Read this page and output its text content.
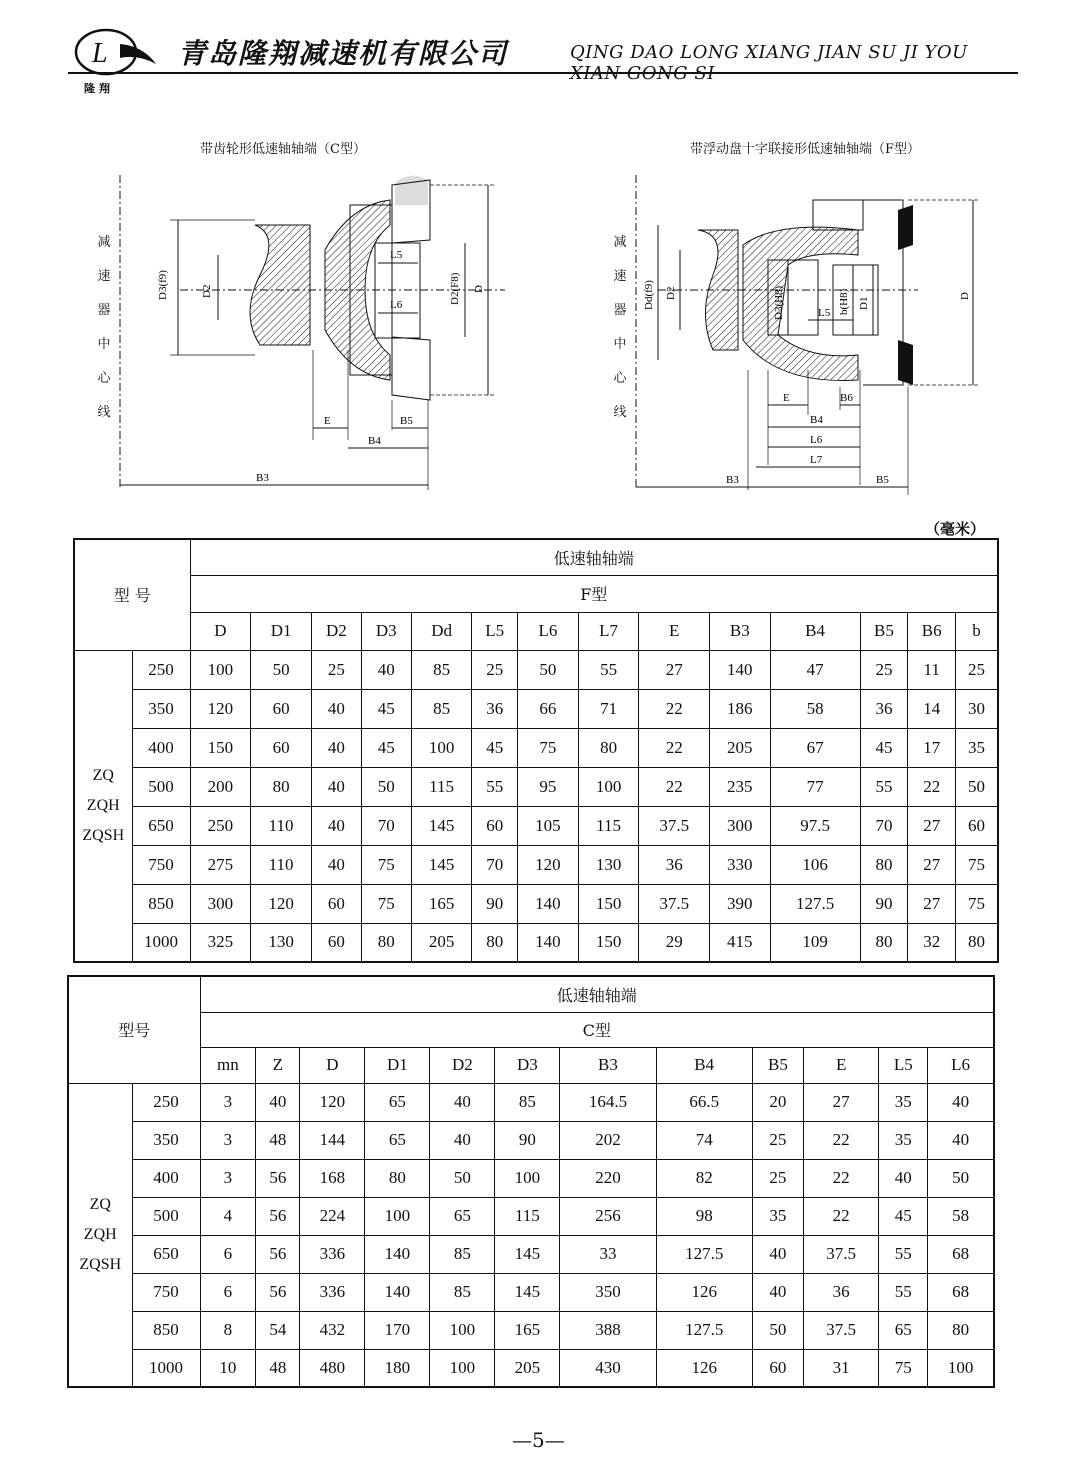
L
隆翔
青岛隆翔减速机有限公司	QING DAO LONG XIANG JIAN SU JI YOU XIAN GONG SI
带齿轮形低速轴轴端（C型）
减
速
器
中
心
线
D3(f9)	D2
L5
L6	D2(F8) D
E	B5
B4
B3
带浮动盘十字联接形低速轴轴端（F型）
减
速
器
中
心
线
Dd(f9) D2	D3(H8)	b(H8) D1
L5
D
E	B6
B4
L6
L7
B3	B5
（毫米）
型 号		低速轴轴端													
		F型													
		D	D1	D2	D3	Dd	L5	L6	L7	E	B3	B4	B5	B6	b

ZQ
ZQH
ZQSH	250	100	50	25	40	85	25	50	55	27	140	47	25	11	25
	350	120	60	40	45	85	36	66	71	22	186	58	36	14	30
	400	150	60	40	45	100	45	75	80	22	205	67	45	17	35
	500	200	80	40	50	115	55	95	100	22	235	77	55	22	50
	650	250	110	40	70	145	60	105	115	37.5	300	97.5	70	27	60
	750	275	110	40	75	145	70	120	130	36	330	106	80	27	75
	850	300	120	60	75	165	90	140	150	37.5	390	127.5	90	27	75
	1000	325	130	60	80	205	80	140	150	29	415	109	80	32	80
型号		低速轴轴端											
		C型											
		mn	Z	D	D1	D2	D3	B3	B4	B5	E	L5	L6

ZQ
ZQH
ZQSH	250	3	40	120	65	40	85	164.5	66.5	20	27	35	40
	350	3	48	144	65	40	90	202	74	25	22	35	40
	400	3	56	168	80	50	100	220	82	25	22	40	50
	500	4	56	224	100	65	115	256	98	35	22	45	58
	650	6	56	336	140	85	145	33	127.5	40	37.5	55	68
	750	6	56	336	140	85	145	350	126	40	36	55	68
	850	8	54	432	170	100	165	388	127.5	50	37.5	65	80
	1000	10	48	480	180	100	205	430	126	60	31	75	100
—5—
